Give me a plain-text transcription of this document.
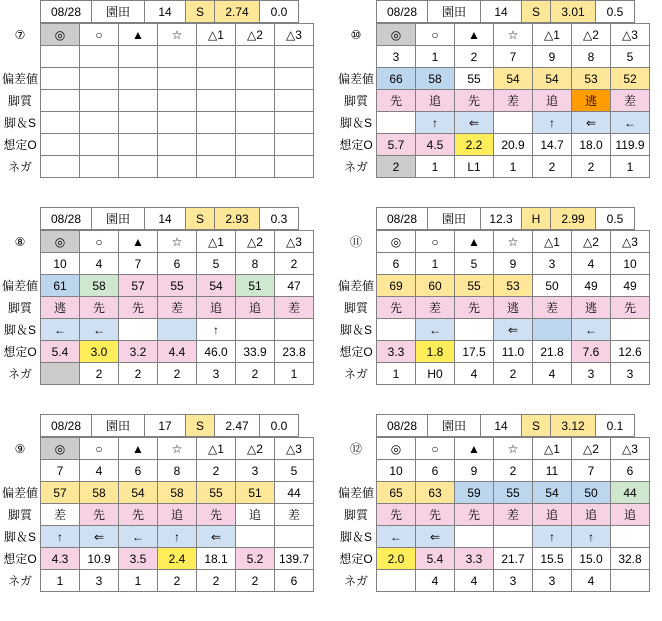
08/28	園田	14	S	2.74	0.0
⑦	◎	○	▲	☆	△1	△2	△3

偏差値							
脚質							
脚＆S							
想定O							
ネガ							
08/28	園田	14	S	3.01	0.5
⑩	◎	○	▲	☆	△1	△2	△3
	3	1	2	7	9	8	5
偏差値	66	58	55	54	54	53	52
脚質	先	追	先	差	追	逃	差
脚＆S		↑	⇐		↑	⇐	←
想定O	5.7	4.5	2.2	20.9	14.7	18.0	119.9
ネガ	2	1	L1	1	2	2	1
08/28	園田	14	S	2.93	0.3
⑧	◎	○	▲	☆	△1	△2	△3
	10	4	7	6	5	8	2
偏差値	61	58	57	55	54	51	47
脚質	逃	先	先	差	追	追	差
脚＆S	←	←			↑		
想定O	5.4	3.0	3.2	4.4	46.0	33.9	23.8
ネガ		2	2	2	3	2	1
08/28	園田	12.3	H	2.99	0.5
⑪	◎	○	▲	☆	△1	△2	△3
	6	1	5	9	3	4	10
偏差値	69	60	55	53	50	49	49
脚質	先	差	先	逃	差	逃	先
脚＆S		←		⇐		←	
想定O	3.3	1.8	17.5	11.0	21.8	7.6	12.6
ネガ	1	H0	4	2	4	3	3
08/28	園田	17	S	2.47	0.0
⑨	◎	○	▲	☆	△1	△2	△3
	7	4	6	8	2	3	5
偏差値	57	58	54	58	55	51	44
脚質	差	先	先	追	先	追	差
脚＆S	↑	⇐	←	↑	⇐		
想定O	4.3	10.9	3.5	2.4	18.1	5.2	139.7
ネガ	1	3	1	2	2	2	6
08/28	園田	14	S	3.12	0.1
⑫	◎	○	▲	☆	△1	△2	△3
	10	6	9	2	11	7	6
偏差値	65	63	59	55	54	50	44
脚質	先	先	先	差	追	追	追
脚＆S	←	⇐			↑	↑	
想定O	2.0	5.4	3.3	21.7	15.5	15.0	32.8
ネガ		4	4	3	3	4	
